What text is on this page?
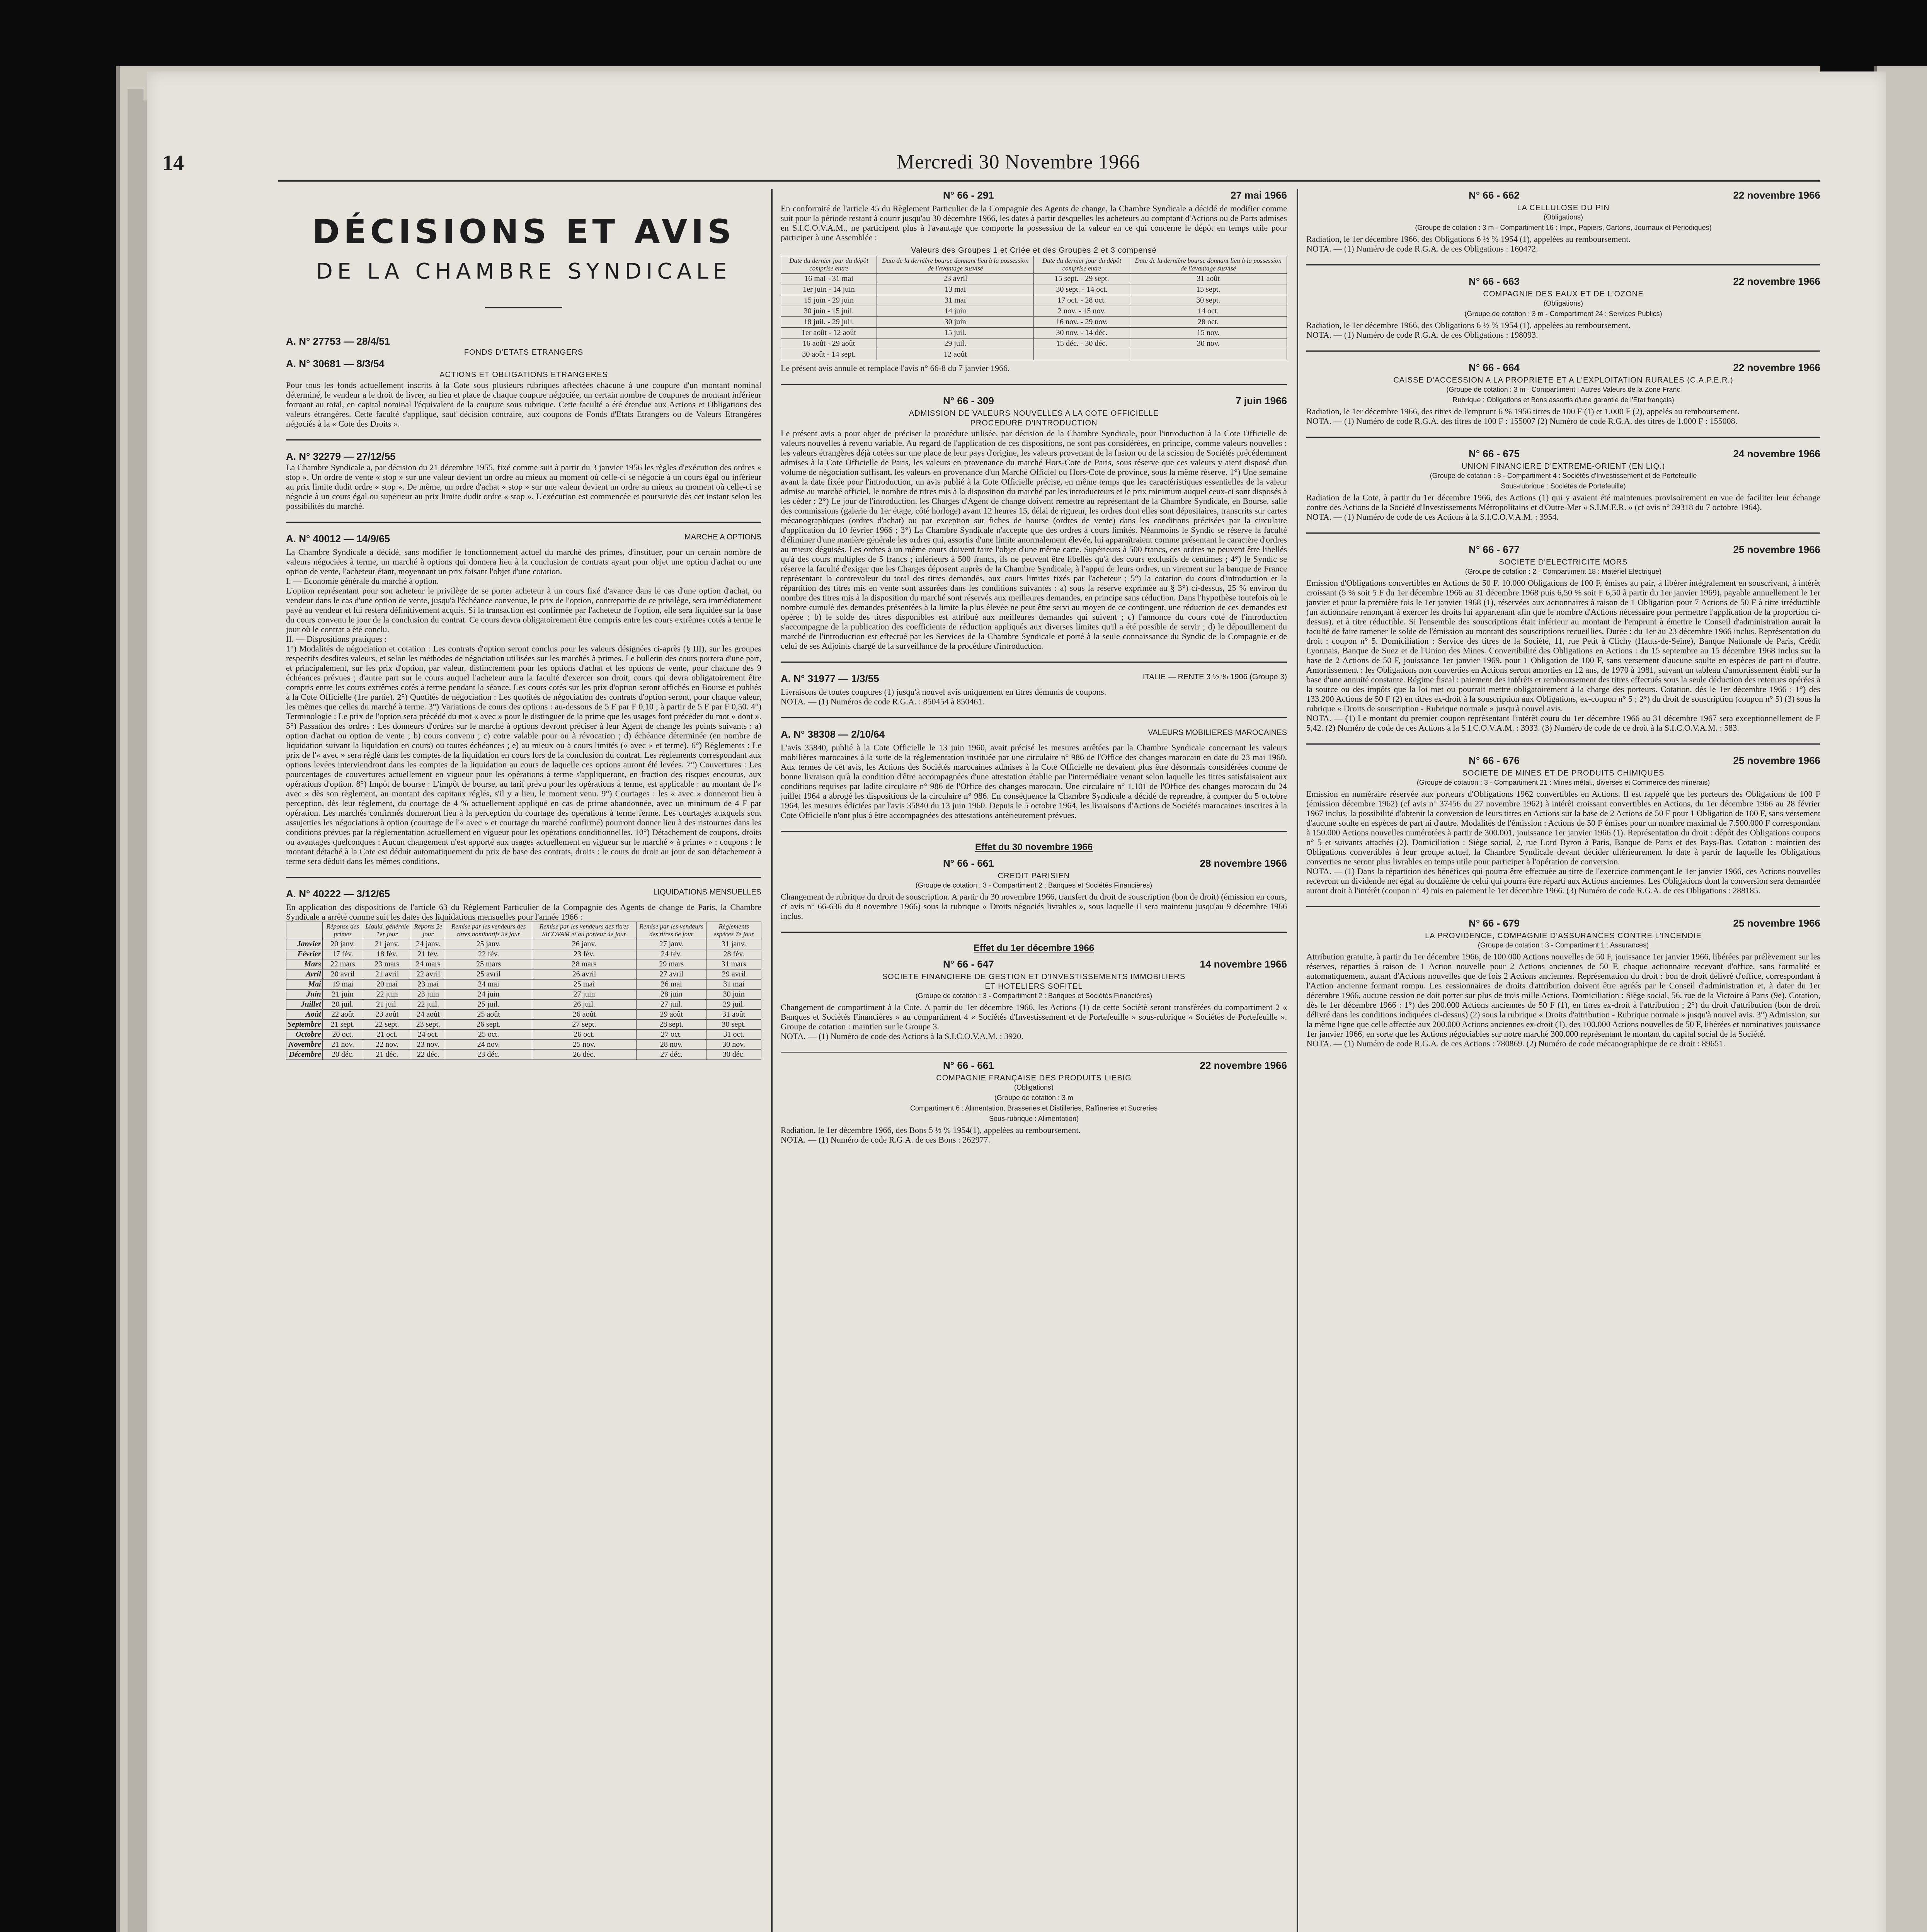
14	Mercredi 30 Novembre 1966
DÉCISIONS ET AVIS
DE LA CHAMBRE SYNDICALE
A. N° 27753 — 28/4/51
FONDS D'ETATS ETRANGERS
A. N° 30681 — 8/3/54
ACTIONS ET OBLIGATIONS ETRANGERES
Pour tous les fonds actuellement inscrits à la Cote sous plusieurs rubriques affectées chacune à une coupure d'un montant nominal déterminé, le vendeur a le droit de livrer, au lieu et place de chaque coupure négociée, un certain nombre de coupures de montant inférieur formant au total, en capital nominal l'équivalent de la coupure sous rubrique. Cette faculté a été étendue aux Actions et Obligations des valeurs étrangères. Cette faculté s'applique, sauf décision contraire, aux coupons de Fonds d'Etats Etrangers ou de Valeurs Etrangères négociés à la « Cote des Droits ».
A. N° 32279 — 27/12/55
La Chambre Syndicale a, par décision du 21 décembre 1955, fixé comme suit à partir du 3 janvier 1956 les règles d'exécution des ordres « stop ». Un ordre de vente « stop » sur une valeur devient un ordre au mieux au moment où celle-ci se négocie à un cours égal ou inférieur au prix limite dudit ordre « stop ». De même, un ordre d'achat « stop » sur une valeur devient un ordre au mieux au moment où celle-ci se négocie à un cours égal ou supérieur au prix limite dudit ordre « stop ». L'exécution est commencée et poursuivie dès cet instant selon les possibilités du marché.
A. N° 40012 — 14/9/65	MARCHE A OPTIONS
La Chambre Syndicale a décidé, sans modifier le fonctionnement actuel du marché des primes, d'instituer, pour un certain nombre de valeurs négociées à terme, un marché à options qui donnera lieu à la conclusion de contrats ayant pour objet une option d'achat ou une option de vente, l'acheteur étant, moyennant un prix faisant l'objet d'une cotation.
I. — Economie générale du marché à option.
L'option représentant pour son acheteur le privilège de se porter acheteur à un cours fixé d'avance dans le cas d'une option d'achat, ou vendeur dans le cas d'une option de vente, jusqu'à l'échéance convenue, le prix de l'option, contrepartie de ce privilège, sera immédiatement payé au vendeur et lui restera définitivement acquis. Si la transaction est confirmée par l'acheteur de l'option, elle sera liquidée sur la base du cours convenu le jour de la conclusion du contrat. Ce cours devra obligatoirement être compris entre les cours extrêmes cotés à terme le jour où le contrat a été conclu.
II. — Dispositions pratiques :
1°) Modalités de négociation et cotation : Les contrats d'option seront conclus pour les valeurs désignées ci-après (§ III), sur les groupes respectifs desdites valeurs, et selon les méthodes de négociation utilisées sur les marchés à primes. Le bulletin des cours portera d'une part, et principalement, sur les prix d'option, par valeur, distinctement pour les options d'achat et les options de vente, pour chacune des 9 échéances prévues ; d'autre part sur le cours auquel l'acheteur aura la faculté d'exercer son droit, cours qui devra obligatoirement être compris entre les cours extrêmes cotés à terme pendant la séance. Les cours cotés sur les prix d'option seront affichés en Bourse et publiés à la Cote Officielle (1re partie). 2°) Quotités de négociation : Les quotités de négociation des contrats d'option seront, pour chaque valeur, les mêmes que celles du marché à terme. 3°) Variations de cours des options : au-dessous de 5 F par F 0,10 ; à partir de 5 F par F 0,50. 4°) Terminologie : Le prix de l'option sera précédé du mot « avec » pour le distinguer de la prime que les usages font précéder du mot « dont ». 5°) Passation des ordres : Les donneurs d'ordres sur le marché à options devront préciser à leur Agent de change les points suivants : a) option d'achat ou option de vente ; b) cours convenu ; c) cotre valable pour ou à révocation ; d) échéance déterminée (en nombre de liquidation suivant la liquidation en cours) ou toutes échéances ; e) au mieux ou à cours limités (« avec » et terme). 6°) Règlements : Le prix de l'« avec » sera réglé dans les comptes de la liquidation en cours lors de la conclusion du contrat. Les règlements correspondant aux options levées interviendront dans les comptes de la liquidation au cours de laquelle ces options auront été levées. 7°) Couvertures : Les pourcentages de couvertures actuellement en vigueur pour les opérations à terme s'appliqueront, en fraction des risques encourus, aux opérations d'option. 8°) Impôt de bourse : L'impôt de bourse, au tarif prévu pour les opérations à terme, est applicable : au montant de l'« avec » dès son règlement, au montant des capitaux réglés, s'il y a lieu, le moment venu. 9°) Courtages : les « avec » donneront lieu à perception, dès leur règlement, du courtage de 4 % actuellement appliqué en cas de prime abandonnée, avec un minimum de 4 F par opération. Les marchés confirmés donneront lieu à la perception du courtage des opérations à terme ferme. Les courtages auxquels sont assujetties les négociations à option (courtage de l'« avec » et courtage du marché confirmé) pourront donner lieu à des ristournes dans les conditions prévues par la réglementation actuellement en vigueur pour les opérations conditionnelles. 10°) Détachement de coupons, droits ou avantages quelconques : Aucun changement n'est apporté aux usages actuellement en vigueur sur le marché « à primes » : coupons : le montant détaché à la Cote est déduit automatiquement du prix de base des contrats, droits : le cours du droit au jour de son détachement à terme sera déduit dans les mêmes conditions.
A. N° 40222 — 3/12/65	LIQUIDATIONS MENSUELLES
En application des dispositions de l'article 63 du Règlement Particulier de la Compagnie des Agents de change de Paris, la Chambre Syndicale a arrêté comme suit les dates des liquidations mensuelles pour l'année 1966 :
	Réponse des primes	Liquid. générale 1er jour	Reports 2e jour	Remise par les vendeurs des titres nominatifs 3e jour	Remise par les vendeurs des titres SICOVAM et au porteur 4e jour	Remise par les vendeurs des titres 6e jour	Règlements espèces 7e jour
Janvier	20 janv.	21 janv.	24 janv.	25 janv.	26 janv.	27 janv.	31 janv.
Février	17 fév.	18 fév.	21 fév.	22 fév.	23 fév.	24 fév.	28 fév.
Mars	22 mars	23 mars	24 mars	25 mars	28 mars	29 mars	31 mars
Avril	20 avril	21 avril	22 avril	25 avril	26 avril	27 avril	29 avril
Mai	19 mai	20 mai	23 mai	24 mai	25 mai	26 mai	31 mai
Juin	21 juin	22 juin	23 juin	24 juin	27 juin	28 juin	30 juin
Juillet	20 juil.	21 juil.	22 juil.	25 juil.	26 juil.	27 juil.	29 juil.
Août	22 août	23 août	24 août	25 août	26 août	29 août	31 août
Septembre	21 sept.	22 sept.	23 sept.	26 sept.	27 sept.	28 sept.	30 sept.
Octobre	20 oct.	21 oct.	24 oct.	25 oct.	26 oct.	27 oct.	31 oct.
Novembre	21 nov.	22 nov.	23 nov.	24 nov.	25 nov.	28 nov.	30 nov.
Décembre	20 déc.	21 déc.	22 déc.	23 déc.	26 déc.	27 déc.	30 déc.
N° 66 - 291	27 mai 1966
En conformité de l'article 45 du Règlement Particulier de la Compagnie des Agents de change, la Chambre Syndicale a décidé de modifier comme suit pour la période restant à courir jusqu'au 30 décembre 1966, les dates à partir desquelles les acheteurs au comptant d'Actions ou de Parts admises en S.I.C.O.V.A.M., ne participent plus à l'avantage que comporte la possession de la valeur en ce qui concerne le dépôt en temps utile pour participer à une Assemblée :
Valeurs des Groupes 1 et Criée et des Groupes 2 et 3 compensé
Date du dernier jour du dépôt comprise entre	Date de la dernière bourse donnant lieu à la possession de l'avantage susvisé	Date du dernier jour du dépôt comprise entre	Date de la dernière bourse donnant lieu à la possession de l'avantage susvisé
16 mai - 31 mai	23 avril	15 sept. - 29 sept.	31 août
1er juin - 14 juin	13 mai	30 sept. - 14 oct.	15 sept.
15 juin - 29 juin	31 mai	17 oct. - 28 oct.	30 sept.
30 juin - 15 juil.	14 juin	2 nov. - 15 nov.	14 oct.
18 juil. - 29 juil.	30 juin	16 nov. - 29 nov.	28 oct.
1er août - 12 août	15 juil.	30 nov. - 14 déc.	15 nov.
16 août - 29 août	29 juil.	15 déc. - 30 déc.	30 nov.
30 août - 14 sept.	12 août		
Le présent avis annule et remplace l'avis n° 66-8 du 7 janvier 1966.
N° 66 - 309	7 juin 1966
ADMISSION DE VALEURS NOUVELLES A LA COTE OFFICIELLE
PROCEDURE D'INTRODUCTION
Le présent avis a pour objet de préciser la procédure utilisée, par décision de la Chambre Syndicale, pour l'introduction à la Cote Officielle de valeurs nouvelles à revenu variable. Au regard de l'application de ces dispositions, ne sont pas considérées, en principe, comme valeurs nouvelles : les valeurs étrangères déjà cotées sur une place de leur pays d'origine, les valeurs provenant de la fusion ou de la scission de Sociétés précédemment admises à la Cote Officielle de Paris, les valeurs en provenance du marché Hors-Cote de Paris, sous réserve que ces valeurs y aient disposé d'un volume de négociation suffisant, les valeurs en provenance d'un Marché Officiel ou Hors-Cote de province, sous la même réserve. 1°) Une semaine avant la date fixée pour l'introduction, un avis publié à la Cote Officielle précise, en même temps que les caractéristiques essentielles de la valeur admise au marché officiel, le nombre de titres mis à la disposition du marché par les introducteurs et le prix minimum auquel ceux-ci sont disposés à les céder ; 2°) Le jour de l'introduction, les Charges d'Agent de change doivent remettre au représentant de la Chambre Syndicale, en Bourse, salle des commissions (galerie du 1er étage, côté horloge) avant 12 heures 15, délai de rigueur, les ordres dont elles sont dépositaires, transcrits sur cartes mécanographiques (ordres d'achat) ou par exception sur fiches de bourse (ordres de vente) dans les conditions précisées par la circulaire d'application du 10 février 1966 ; 3°) La Chambre Syndicale n'accepte que des ordres à cours limités. Néanmoins le Syndic se réserve la faculté d'éliminer d'une manière générale les ordres qui, assortis d'une limite anormalement élevée, lui apparaîtraient comme présentant le caractère d'ordres au mieux déguisés. Les ordres à un même cours doivent faire l'objet d'une même carte. Supérieurs à 500 francs, ces ordres ne peuvent être libellés qu'à des cours multiples de 5 francs ; inférieurs à 500 francs, ils ne peuvent être libellés qu'à des cours exclusifs de centimes ; 4°) le Syndic se réserve la faculté d'exiger que les Charges déposent auprès de la Chambre Syndicale, à l'appui de leurs ordres, un virement sur la banque de France représentant la contrevaleur du total des titres demandés, aux cours limites fixés par l'acheteur ; 5°) la cotation du cours d'introduction et la répartition des titres mis en vente sont assurées dans les conditions suivantes : a) sous la réserve exprimée au § 3°) ci-dessus, 25 % environ du nombre des titres mis à la disposition du marché sont réservés aux meilleures demandes, en principe sans réduction. Dans l'hypothèse toutefois où le nombre cumulé des demandes présentées à la limite la plus élevée ne peut être servi au moyen de ce contingent, une réduction de ces demandes est opérée ; b) le solde des titres disponibles est attribué aux meilleures demandes qui suivent ; c) l'annonce du cours coté de l'introduction s'accompagne de la publication des coefficients de réduction appliqués aux diverses limites qu'il a été possible de servir ; d) le dépouillement du marché de l'introduction est effectué par les Services de la Chambre Syndicale et porté à la seule connaissance du Syndic de la Compagnie et de celui de ses Adjoints chargé de la surveillance de la procédure d'introduction.
A. N° 31977 — 1/3/55	ITALIE — RENTE 3 ½ % 1906 (Groupe 3)
Livraisons de toutes coupures (1) jusqu'à nouvel avis uniquement en titres démunis de coupons.
NOTA. — (1) Numéros de code R.G.A. : 850454 à 850461.
A. N° 38308 — 2/10/64	VALEURS MOBILIERES MAROCAINES
L'avis 35840, publié à la Cote Officielle le 13 juin 1960, avait précisé les mesures arrêtées par la Chambre Syndicale concernant les valeurs mobilières marocaines à la suite de la réglementation instituée par une circulaire n° 986 de l'Office des changes marocain en date du 23 mai 1960. Aux termes de cet avis, les Actions des Sociétés marocaines admises à la Cote Officielle ne devaient plus être désormais considérées comme de bonne livraison qu'à la condition d'être accompagnées d'une attestation établie par l'intermédiaire venant selon laquelle les titres satisfaisaient aux conditions requises par ladite circulaire n° 986 de l'Office des changes marocain. Une circulaire n° 1.101 de l'Office des changes marocain du 24 juillet 1964 a abrogé les dispositions de la circulaire n° 986. En conséquence la Chambre Syndicale a décidé de reprendre, à compter du 5 octobre 1964, les mesures édictées par l'avis 35840 du 13 juin 1960. Depuis le 5 octobre 1964, les livraisons d'Actions de Sociétés marocaines inscrites à la Cote Officielle n'ont plus à être accompagnées des attestations antérieurement prévues.
Effet du 30 novembre 1966
N° 66 - 661	28 novembre 1966
CREDIT PARISIEN
(Groupe de cotation : 3 - Compartiment 2 : Banques et Sociétés Financières)
Changement de rubrique du droit de souscription. A partir du 30 novembre 1966, transfert du droit de souscription (bon de droit) (émission en cours, cf avis n° 66-636 du 8 novembre 1966) sous la rubrique « Droits négociés livrables », sous laquelle il sera maintenu jusqu'au 9 décembre 1966 inclus.
Effet du 1er décembre 1966
N° 66 - 647	14 novembre 1966
SOCIETE FINANCIERE DE GESTION ET D'INVESTISSEMENTS IMMOBILIERS
ET HOTELIERS SOFITEL
(Groupe de cotation : 3 - Compartiment 2 : Banques et Sociétés Financières)
Changement de compartiment à la Cote. A partir du 1er décembre 1966, les Actions (1) de cette Société seront transférées du compartiment 2 « Banques et Sociétés Financières » au compartiment 4 « Sociétés d'Investissement et de Portefeuille » sous-rubrique « Sociétés de Portefeuille ». Groupe de cotation : maintien sur le Groupe 3.
NOTA. — (1) Numéro de code des Actions à la S.I.C.O.V.A.M. : 3920.
N° 66 - 661	22 novembre 1966
COMPAGNIE FRANÇAISE DES PRODUITS LIEBIG
(Obligations)
(Groupe de cotation : 3 m
Compartiment 6 : Alimentation, Brasseries et Distilleries, Raffineries et Sucreries
Sous-rubrique : Alimentation)
Radiation, le 1er décembre 1966, des Bons 5 ½ % 1954(1), appelées au remboursement.
NOTA. — (1) Numéro de code R.G.A. de ces Bons : 262977.
N° 66 - 662	22 novembre 1966
LA CELLULOSE DU PIN
(Obligations)
(Groupe de cotation : 3 m - Compartiment 16 : Impr., Papiers, Cartons, Journaux et Périodiques)
Radiation, le 1er décembre 1966, des Obligations 6 ½ % 1954 (1), appelées au remboursement.
NOTA. — (1) Numéro de code R.G.A. de ces Obligations : 160472.
N° 66 - 663	22 novembre 1966
COMPAGNIE DES EAUX ET DE L'OZONE
(Obligations)
(Groupe de cotation : 3 m - Compartiment 24 : Services Publics)
Radiation, le 1er décembre 1966, des Obligations 6 ½ % 1954 (1), appelées au remboursement.
NOTA. — (1) Numéro de code R.G.A. de ces Obligations : 198093.
N° 66 - 664	22 novembre 1966
CAISSE D'ACCESSION A LA PROPRIETE ET A L'EXPLOITATION RURALES (C.A.P.E.R.)
(Groupe de cotation : 3 m - Compartiment : Autres Valeurs de la Zone Franc
Rubrique : Obligations et Bons assortis d'une garantie de l'Etat français)
Radiation, le 1er décembre 1966, des titres de l'emprunt 6 % 1956 titres de 100 F (1) et 1.000 F (2), appelés au remboursement.
NOTA. — (1) Numéro de code R.G.A. des titres de 100 F : 155007 (2) Numéro de code R.G.A. des titres de 1.000 F : 155008.
N° 66 - 675	24 novembre 1966
UNION FINANCIERE D'EXTREME-ORIENT (EN LIQ.)
(Groupe de cotation : 3 - Compartiment 4 : Sociétés d'Investissement et de Portefeuille
Sous-rubrique : Sociétés de Portefeuille)
Radiation de la Cote, à partir du 1er décembre 1966, des Actions (1) qui y avaient été maintenues provisoirement en vue de faciliter leur échange contre des Actions de la Société d'Investissements Métropolitains et d'Outre-Mer « S.I.M.E.R. » (cf avis n° 39318 du 7 octobre 1964).
NOTA. — (1) Numéro de code de ces Actions à la S.I.C.O.V.A.M. : 3954.
N° 66 - 677	25 novembre 1966
SOCIETE D'ELECTRICITE MORS
(Groupe de cotation : 2 - Compartiment 18 : Matériel Electrique)
Emission d'Obligations convertibles en Actions de 50 F. 10.000 Obligations de 100 F, émises au pair, à libérer intégralement en souscrivant, à intérêt croissant (5 % soit 5 F du 1er décembre 1966 au 31 décembre 1968 puis 6,50 % soit F 6,50 à partir du 1er janvier 1969), payable annuellement le 1er janvier et pour la première fois le 1er janvier 1968 (1), réservées aux actionnaires à raison de 1 Obligation pour 7 Actions de 50 F à titre irréductible (un actionnaire renonçant à exercer les droits lui appartenant afin que le nombre d'Actions nécessaire pour permettre l'application de la proportion ci-dessus), et à titre réductible. Si l'ensemble des souscriptions était inférieur au montant de l'emprunt à émettre le Conseil d'administration aurait la faculté de faire ramener le solde de l'émission au montant des souscriptions recueillies. Durée : du 1er au 23 décembre 1966 inclus. Représentation du droit : coupon n° 5. Domiciliation : Service des titres de la Société, 11, rue Petit à Clichy (Hauts-de-Seine), Banque Nationale de Paris, Crédit Lyonnais, Banque de Suez et de l'Union des Mines. Convertibilité des Obligations en Actions : du 15 septembre au 15 décembre 1968 inclus sur la base de 2 Actions de 50 F, jouissance 1er janvier 1969, pour 1 Obligation de 100 F, sans versement d'aucune soulte en espèces de part ni d'autre. Amortissement : les Obligations non converties en Actions seront amorties en 12 ans, de 1970 à 1981, suivant un tableau d'amortissement établi sur la base d'une annuité constante. Régime fiscal : paiement des intérêts et remboursement des titres effectués sous la seule déduction des retenues opérées à la source ou des impôts que la loi met ou pourrait mettre obligatoirement à la charge des porteurs. Cotation, dès le 1er décembre 1966 : 1°) des 133.200 Actions de 50 F (2) en titres ex-droit à la souscription aux Obligations, ex-coupon n° 5 ; 2°) du droit de souscription (coupon n° 5) (3) sous la rubrique « Droits de souscription - Rubrique normale » jusqu'à nouvel avis.
NOTA. — (1) Le montant du premier coupon représentant l'intérêt couru du 1er décembre 1966 au 31 décembre 1967 sera exceptionnellement de F 5,42. (2) Numéro de code de ces Actions à la S.I.C.O.V.A.M. : 3933. (3) Numéro de code de ce droit à la S.I.C.O.V.A.M. : 583.
N° 66 - 676	25 novembre 1966
SOCIETE DE MINES ET DE PRODUITS CHIMIQUES
(Groupe de cotation : 3 - Compartiment 21 : Mines métal., diverses et Commerce des minerais)
Emission en numéraire réservée aux porteurs d'Obligations 1962 convertibles en Actions. Il est rappelé que les porteurs des Obligations de 100 F (émission décembre 1962) (cf avis n° 37456 du 27 novembre 1962) à intérêt croissant convertibles en Actions, du 1er décembre 1966 au 28 février 1967 inclus, la possibilité d'obtenir la conversion de leurs titres en Actions sur la base de 2 Actions de 50 F pour 1 Obligation de 100 F, sans versement d'aucune soulte en espèces de part ni d'autre. Modalités de l'émission : Actions de 50 F émises pour un nombre maximal de 7.500.000 F correspondant à 150.000 Actions nouvelles numérotées à partir de 300.001, jouissance 1er janvier 1966 (1). Représentation du droit : dépôt des Obligations coupons n° 5 et suivants attachés (2). Domiciliation : Siège social, 2, rue Lord Byron à Paris, Banque de Paris et des Pays-Bas. Cotation : maintien des Obligations convertibles à leur groupe actuel, la Chambre Syndicale devant décider ultérieurement la date à partir de laquelle les Obligations converties ne seront plus livrables en temps utile pour participer à l'opération de conversion.
NOTA. — (1) Dans la répartition des bénéfices qui pourra être effectuée au titre de l'exercice commençant le 1er janvier 1966, ces Actions nouvelles recevront un dividende net égal au douzième de celui qui pourra être réparti aux Actions anciennes. Les Obligations dont la conversion sera demandée auront droit à l'intérêt (coupon n° 4) mis en paiement le 1er décembre 1966. (3) Numéro de code R.G.A. de ces Obligations : 288185.
N° 66 - 679	25 novembre 1966
LA PROVIDENCE, COMPAGNIE D'ASSURANCES CONTRE L'INCENDIE
(Groupe de cotation : 3 - Compartiment 1 : Assurances)
Attribution gratuite, à partir du 1er décembre 1966, de 100.000 Actions nouvelles de 50 F, jouissance 1er janvier 1966, libérées par prélèvement sur les réserves, réparties à raison de 1 Action nouvelle pour 2 Actions anciennes de 50 F, chaque actionnaire recevant d'office, sans formalité et automatiquement, autant d'Actions nouvelles que de fois 2 Actions anciennes. Représentation du droit : bon de droit délivré d'office, correspondant à l'Action ancienne formant rompu. Les cessionnaires de droits d'attribution doivent être agréés par le Conseil d'administration et, à dater du 1er décembre 1966, aucune cession ne doit porter sur plus de trois mille Actions. Domiciliation : Siège social, 56, rue de la Victoire à Paris (9e). Cotation, dès le 1er décembre 1966 : 1°) des 200.000 Actions anciennes de 50 F (1), en titres ex-droit à l'attribution ; 2°) du droit d'attribution (bon de droit délivré dans les conditions indiquées ci-dessus) (2) sous la rubrique « Droits d'attribution - Rubrique normale » jusqu'à nouvel avis. 3°) Admission, sur la même ligne que celle affectée aux 200.000 Actions anciennes ex-droit (1), des 100.000 Actions nouvelles de 50 F, libérées et nominatives jouissance 1er janvier 1966, en sorte que les Actions négociables sur notre marché 300.000 représentant le montant du capital social de la Société.
NOTA. — (1) Numéro de code R.G.A. de ces Actions : 780869. (2) Numéro de code mécanographique de ce droit : 89651.
